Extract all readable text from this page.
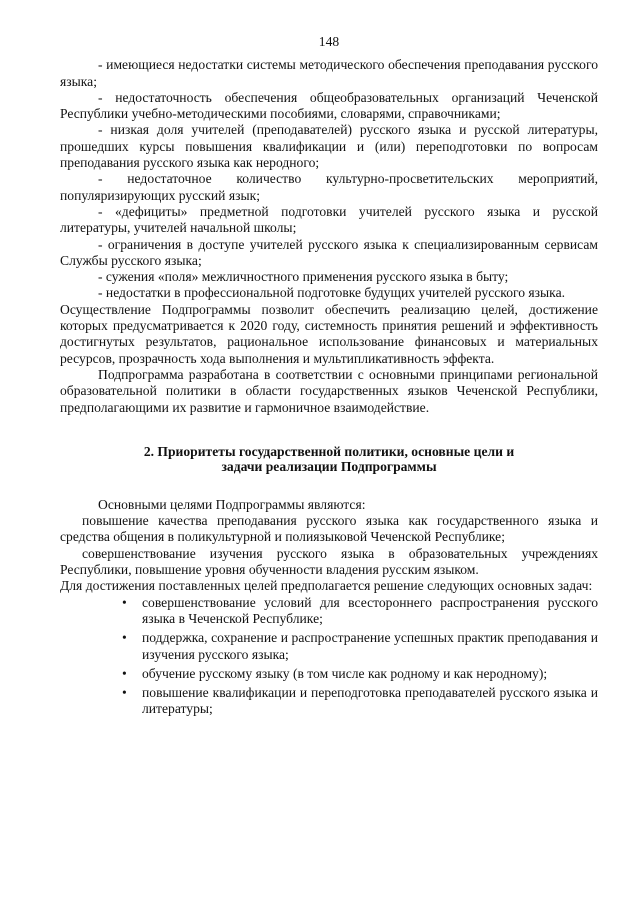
148

- имеющиеся недостатки системы методического обеспечения преподавания русского языка;

- недостаточность обеспечения общеобразовательных организаций Чеченской Республики учебно-методическими пособиями, словарями, справочниками;

- низкая доля учителей (преподавателей) русского языка и русской литературы, прошедших курсы повышения квалификации и (или) переподготовки по вопросам преподавания русского языка как неродного;

- недостаточное количество культурно-просветительских мероприятий, популяризирующих русский язык;

- «дефициты» предметной подготовки учителей русского языка и русской литературы, учителей начальной школы;

- ограничения в доступе учителей русского языка к специализированным сервисам Службы русского языка;

- сужения «поля» межличностного применения русского языка в быту;

- недостатки в профессиональной подготовке будущих учителей русского языка.

Осуществление Подпрограммы позволит обеспечить реализацию целей, достижение которых предусматривается к 2020 году, системность принятия решений и эффективность достигнутых результатов, рациональное использование финансовых и материальных ресурсов, прозрачность хода выполнения и мультипликативность эффекта.

Подпрограмма разработана в соответствии с основными принципами региональной образовательной политики в области государственных языков Чеченской Республики, предполагающими их развитие и гармоничное взаимодействие.

2. Приоритеты государственной политики, основные цели и
задачи реализации Подпрограммы

Основными целями Подпрограммы являются:

повышение качества преподавания русского языка как государственного языка и средства общения в поликультурной и полиязыковой Чеченской Республике;

совершенствование изучения русского языка в образовательных учреждениях Республики, повышение уровня обученности владения русским языком.

Для достижения поставленных целей предполагается решение следующих основных задач:

• совершенствование условий для всестороннего распространения русского языка в Чеченской Республике;
• поддержка, сохранение и распространение успешных практик преподавания и изучения русского языка;
• обучение русскому языку (в том числе как родному и как неродному);
• повышение квалификации и переподготовка преподавателей русского языка и литературы;
